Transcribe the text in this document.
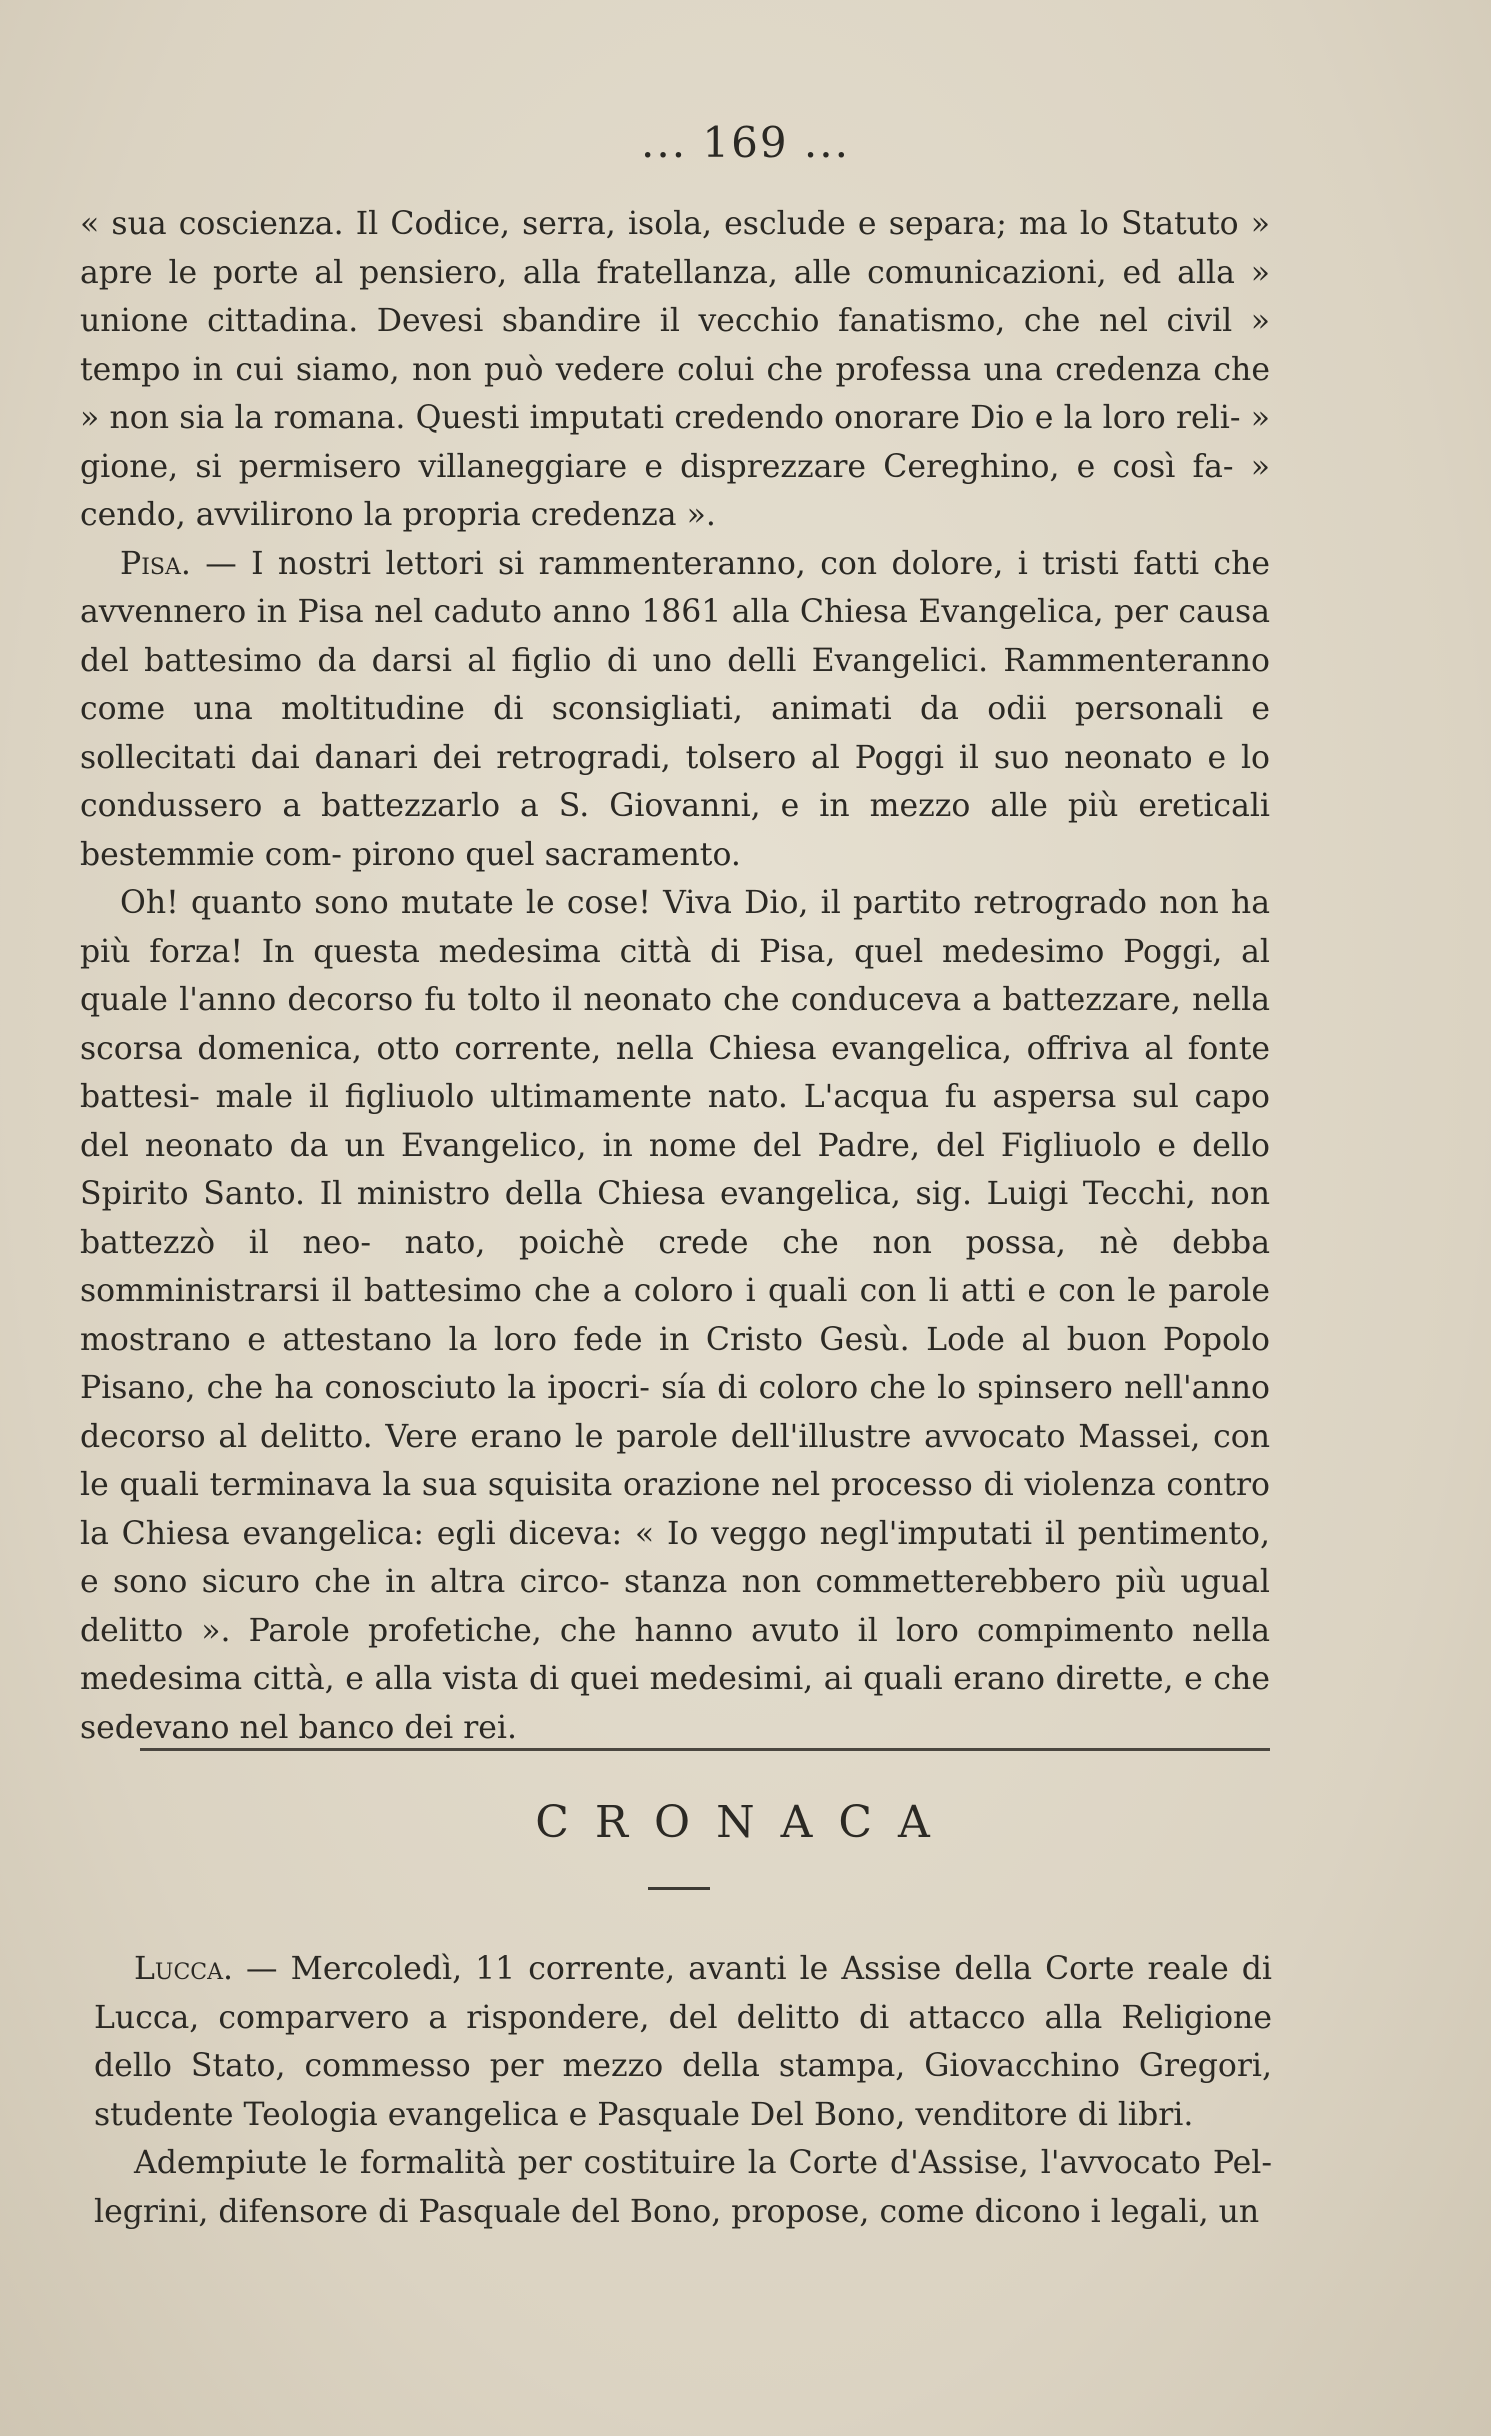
... 169 ...

« sua coscienza. Il Codice, serra, isola, esclude e separa; ma lo Statuto » apre le porte al pensiero, alla fratellanza, alle comunicazioni, ed alla » unione cittadina. Devesi sbandire il vecchio fanatismo, che nel civil » tempo in cui siamo, non può vedere colui che professa una credenza che » non sia la romana. Questi imputati credendo onorare Dio e la loro reli- » gione, si permisero villaneggiare e disprezzare Cereghino, e così fa- » cendo, avvilirono la propria credenza ».

Pisa. — I nostri lettori si rammenteranno, con dolore, i tristi fatti che avvennero in Pisa nel caduto anno 1861 alla Chiesa Evangelica, per causa del battesimo da darsi al figlio di uno delli Evangelici. Rammenteranno come una moltitudine di sconsigliati, animati da odii personali e sollecitati dai danari dei retrogradi, tolsero al Poggi il suo neonato e lo condussero a battezzarlo a S. Giovanni, e in mezzo alle più ereticali bestemmie com- pirono quel sacramento.

Oh! quanto sono mutate le cose! Viva Dio, il partito retrogrado non ha più forza! In questa medesima città di Pisa, quel medesimo Poggi, al quale l'anno decorso fu tolto il neonato che conduceva a battezzare, nella scorsa domenica, otto corrente, nella Chiesa evangelica, offriva al fonte battesi- male il figliuolo ultimamente nato. L'acqua fu aspersa sul capo del neonato da un Evangelico, in nome del Padre, del Figliuolo e dello Spirito Santo. Il ministro della Chiesa evangelica, sig. Luigi Tecchi, non battezzò il neo- nato, poichè crede che non possa, nè debba somministrarsi il battesimo che a coloro i quali con li atti e con le parole mostrano e attestano la loro fede in Cristo Gesù. Lode al buon Popolo Pisano, che ha conosciuto la ipocri- sía di coloro che lo spinsero nell'anno decorso al delitto. Vere erano le parole dell'illustre avvocato Massei, con le quali terminava la sua squisita orazione nel processo di violenza contro la Chiesa evangelica: egli diceva: « Io veggo negl'imputati il pentimento, e sono sicuro che in altra circo- stanza non commetterebbero più ugual delitto ». Parole profetiche, che hanno avuto il loro compimento nella medesima città, e alla vista di quei medesimi, ai quali erano dirette, e che sedevano nel banco dei rei.

CRONACA

Lucca. — Mercoledì, 11 corrente, avanti le Assise della Corte reale di Lucca, comparvero a rispondere, del delitto di attacco alla Religione dello Stato, commesso per mezzo della stampa, Giovacchino Gregori, studente Teologia evangelica e Pasquale Del Bono, venditore di libri.

Adempiute le formalità per costituire la Corte d'Assise, l'avvocato Pel- legrini, difensore di Pasquale del Bono, propose, come dicono i legali, un
